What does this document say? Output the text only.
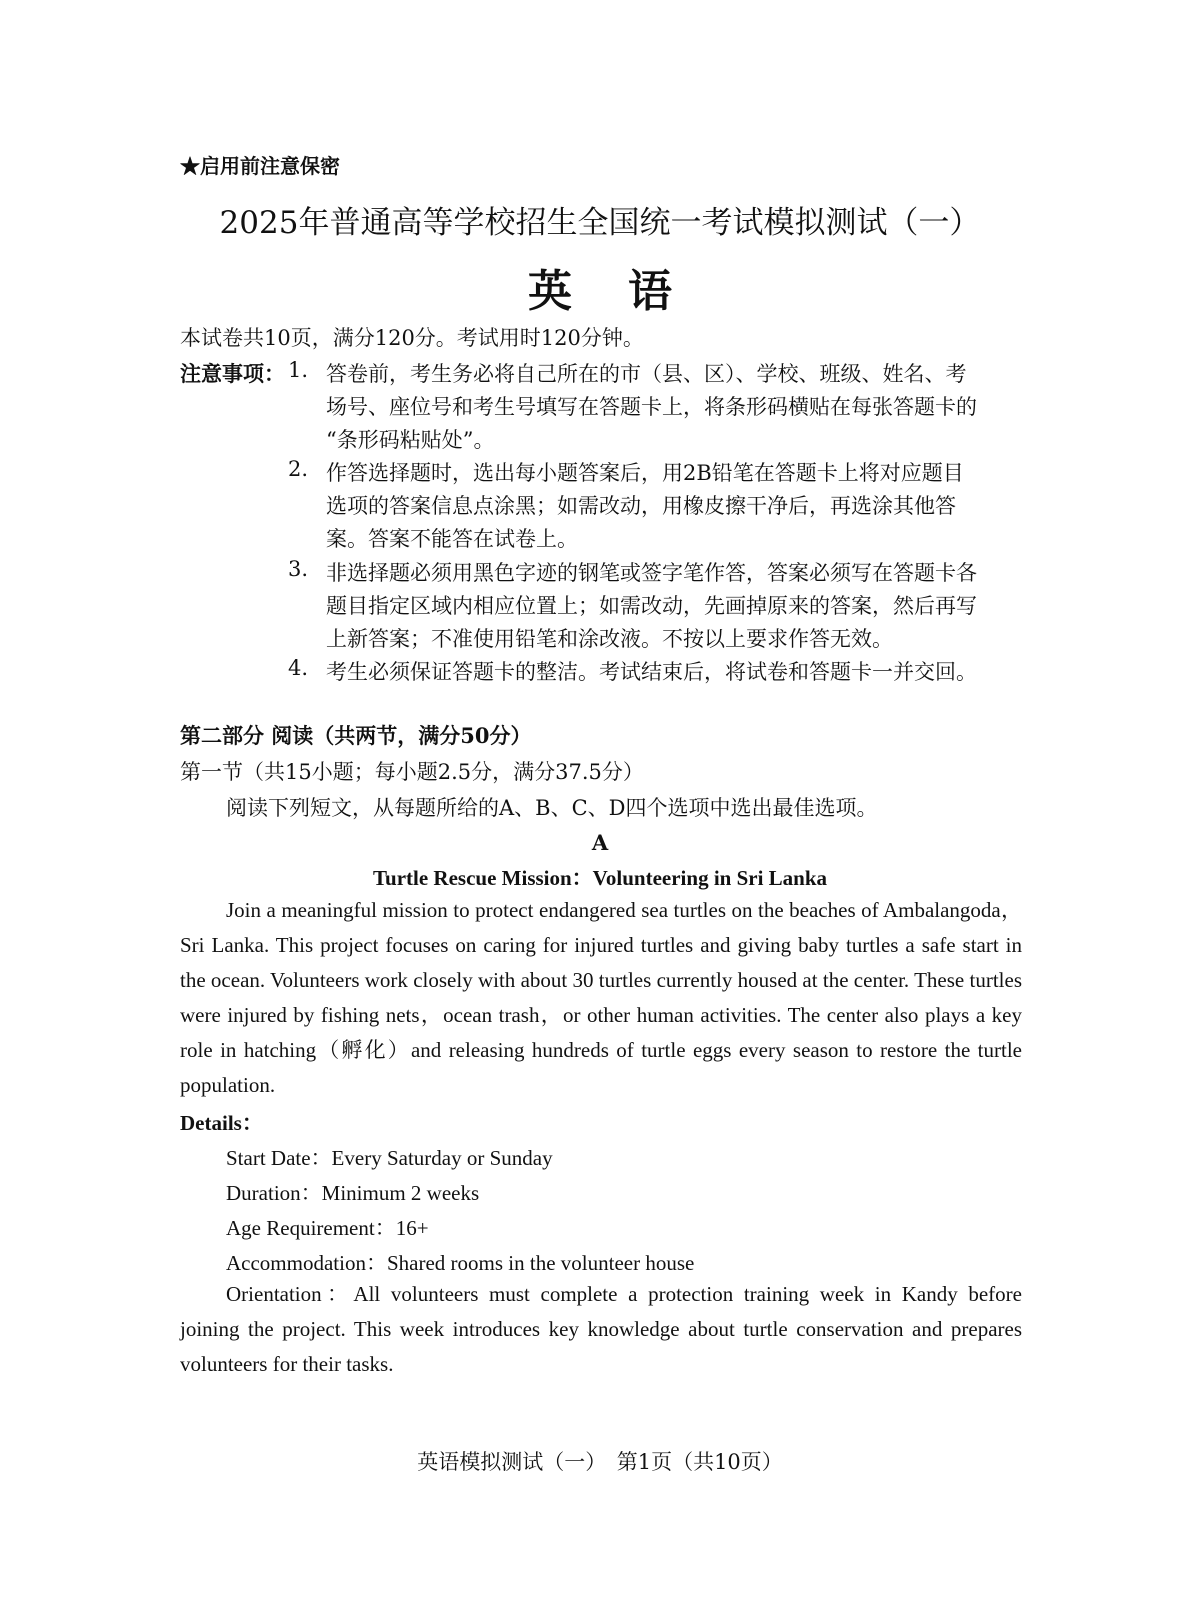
★启用前注意保密
2025年普通高等学校招生全国统一考试模拟测试（一）
英语
本试卷共10页，满分120分。考试用时120分钟。
注意事项： 1. 答卷前，考生务必将自己所在的市（县、区）、学校、班级、姓名、考
场号、座位号和考生号填写在答题卡上，将条形码横贴在每张答题卡的
“条形码粘贴处”。
2. 作答选择题时，选出每小题答案后，用2B铅笔在答题卡上将对应题目
选项的答案信息点涂黑；如需改动，用橡皮擦干净后，再选涂其他答
案。答案不能答在试卷上。
3. 非选择题必须用黑色字迹的钢笔或签字笔作答，答案必须写在答题卡各
题目指定区域内相应位置上；如需改动，先画掉原来的答案，然后再写
上新答案；不准使用铅笔和涂改液。不按以上要求作答无效。
4. 考生必须保证答题卡的整洁。考试结束后，将试卷和答题卡一并交回。
第二部分 阅读（共两节，满分50分）
第一节（共15小题；每小题2.5分，满分37.5分）
阅读下列短文，从每题所给的A、B、C、D四个选项中选出最佳选项。
A
Turtle Rescue Mission：Volunteering in Sri Lanka
Join a meaningful mission to protect endangered sea turtles on the beaches of Ambalangoda，Sri Lanka. This project focuses on caring for injured turtles and giving baby turtles a safe start in the ocean. Volunteers work closely with about 30 turtles currently housed at the center. These turtles were injured by fishing nets，ocean trash，or other human activities. The center also plays a key role in hatching（孵化）and releasing hundreds of turtle eggs every season to restore the turtle population.
Details：
Start Date：Every Saturday or Sunday
Duration：Minimum 2 weeks
Age Requirement：16+
Accommodation：Shared rooms in the volunteer house
Orientation：All volunteers must complete a protection training week in Kandy before joining the project. This week introduces key knowledge about turtle conservation and prepares volunteers for their tasks.
英语模拟测试（一）　第1页（共10页）
